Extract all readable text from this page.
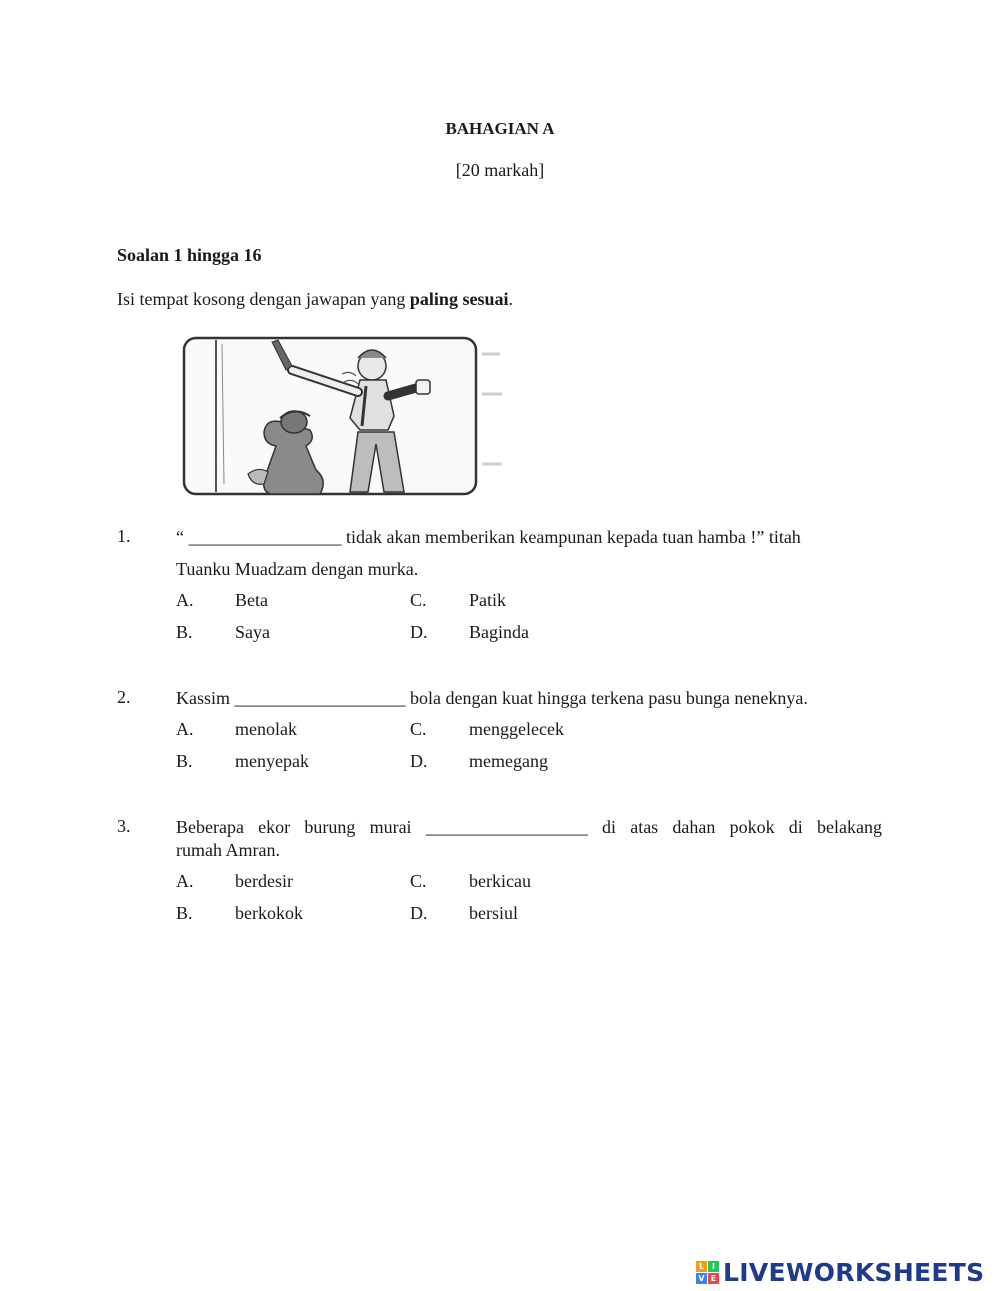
BAHAGIAN A
[20 markah]
Soalan 1 hingga 16
Isi tempat kosong dengan jawapan yang paling sesuai.
1.	“ _________________ tidak akan memberikan keampunan kepada tuan hamba !” titah
Tuanku Muadzam dengan murka.
A. Beta	C. Patik
B. Saya	D. Baginda
2.	Kassim ___________________ bola dengan kuat hingga terkena pasu bunga neneknya.
A. menolak	C. menggelecek
B. menyepak	D. memegang
3.	Beberapa ekor burung murai __________________ di atas dahan pokok di belakang
rumah Amran.
A. berdesir	C. berkicau
B. berkokok	D. bersiul
L I
V E LIVEWORKSHEETS
